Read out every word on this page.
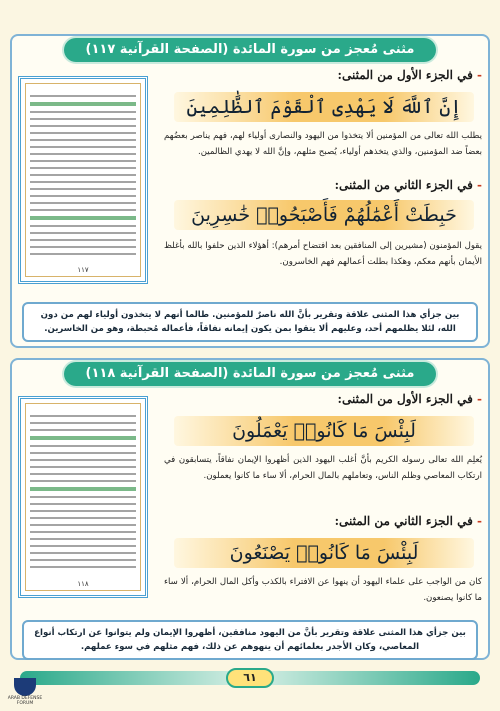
مثنى مُعجز من سورة المائدة (الصفحة القرآنية ١١٧)
١١٧
- في الجزء الأول من المثنى:
إِنَّ ٱللَّهَ لَا يَهْدِى ٱلْقَوْمَ ٱلظَّٰلِمِينَ
يطلب الله تعالى من المؤمنين ألا يتخذوا من اليهود والنصارى أولياء لهم، فهم يناصر بعضُهم بعضاً ضد المؤمنين، والذي يتخذهم أولياء، يُصبح مثلهم، وإنَّ الله لا يهدي الظالمين.
- في الجزء الثاني من المثنى:
حَبِطَتْ أَعْمَٰلُهُمْ فَأَصْبَحُوا۟ خَٰسِرِينَ
يقول المؤمنون (مشيرين إلى المنافقين بعد افتضاح أمرهم): أهؤلاء الذين حلفوا بالله بأغلظ الأيمان بأنهم معكم، وهكذا بطلت أعمالهم فهم الخاسرون.
بين جزأي هذا المثنى علاقة وتقرير بأنَّ الله ناصرٌ للمؤمنين. طالما أنهم لا يتخذون أولياء لهم من دون الله، لئلا يظلمهم أحد، وعليهم ألا يتقوا بمن يكون إيمانه نفاقاً، فأعماله مُحبطة، وهو من الخاسرين.
مثنى مُعجز من سورة المائدة (الصفحة القرآنية ١١٨)
١١٨
- في الجزء الأول من المثنى:
لَبِئْسَ مَا كَانُوا۟ يَعْمَلُونَ
يُعلِم الله تعالى رسوله الكريم بأنَّ أغلب اليهود الذين أظهروا الإيمان نفاقاً، يتسابقون في ارتكاب المعاصي وظلم الناس، وتعاملهم بالمال الحرام، ألا ساء ما كانوا يعملون.
- في الجزء الثاني من المثنى:
لَبِئْسَ مَا كَانُوا۟ يَصْنَعُونَ
كان من الواجب على علماء اليهود أن ينهوا عن الافتراء بالكذب وأكل المال الحرام، ألا ساء ما كانوا يصنعون.
بين جزأي هذا المثنى علاقة وتقرير بأنَّ من اليهود منافقين، أظهروا الإيمان ولم يتوانوا عن ارتكاب أنواع المعاصي، وكان الأجدر بعلمائهم أن ينهوهم عن ذلك، فهم مثلهم في سوء عملهم.
٦١
ARAB DEFENSE FORUM
